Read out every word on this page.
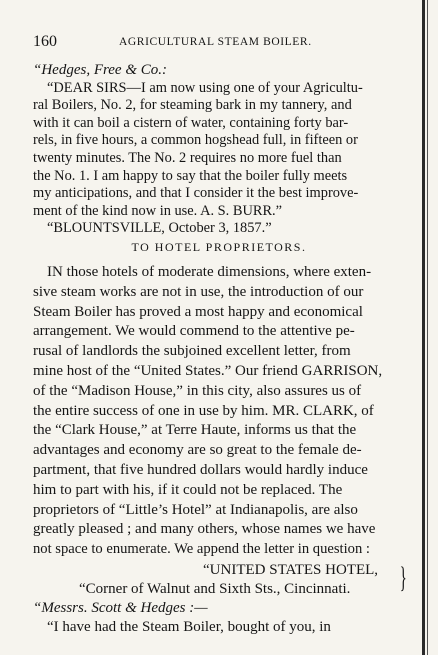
160	AGRICULTURAL STEAM BOILER.
“Hedges, Free & Co.:
“DEAR SIRS—I am now using one of your Agricultu-
ral Boilers, No. 2, for steaming bark in my tannery, and
with it can boil a cistern of water, containing forty bar-
rels, in five hours, a common hogshead full, in fifteen or
twenty minutes. The No. 2 requires no more fuel than
the No. 1. I am happy to say that the boiler fully meets
my anticipations, and that I consider it the best improve-
ment of the kind now in use. A. S. BURR.”
“BLOUNTSVILLE, October 3, 1857.”
TO HOTEL PROPRIETORS.
IN those hotels of moderate dimensions, where exten-
sive steam works are not in use, the introduction of our
Steam Boiler has proved a most happy and economical
arrangement. We would commend to the attentive pe-
rusal of landlords the subjoined excellent letter, from
mine host of the “United States.” Our friend GARRISON,
of the “Madison House,” in this city, also assures us of
the entire success of one in use by him. MR. CLARK, of
the “Clark House,” at Terre Haute, informs us that the
advantages and economy are so great to the female de-
partment, that five hundred dollars would hardly induce
him to part with his, if it could not be replaced. The
proprietors of “Little’s Hotel” at Indianapolis, are also
greatly pleased ; and many others, whose names we have
not space to enumerate. We append the letter in question :
“UNITED STATES HOTEL,
“Corner of Walnut and Sixth Sts., Cincinnati.
“Messrs. Scott & Hedges :—
“I have had the Steam Boiler, bought of you, in
}
